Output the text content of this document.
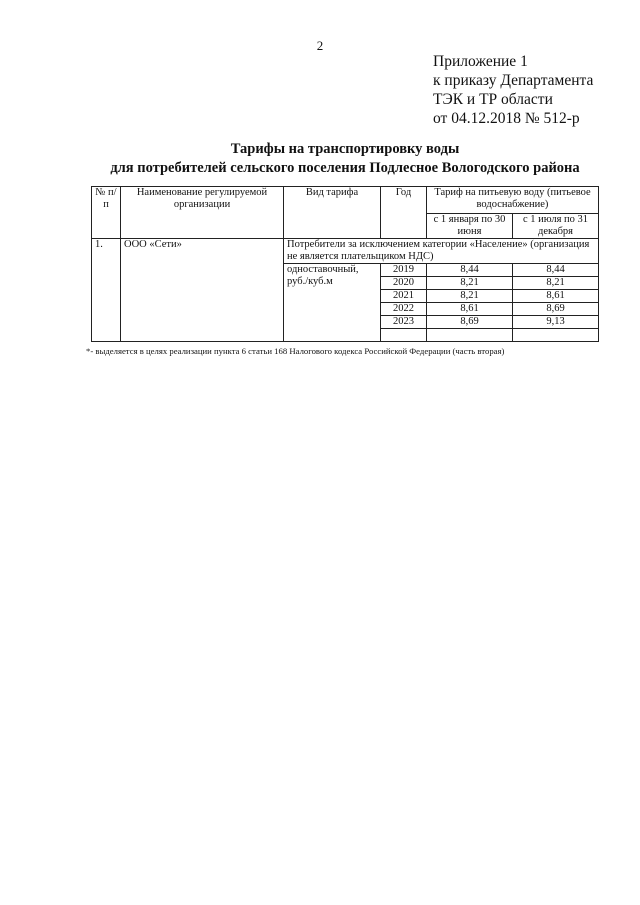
2
Приложение 1
к приказу Департамента
ТЭК и ТР области
от 04.12.2018 № 512-р
Тарифы на транспортировку воды
для потребителей сельского поселения Подлесное Вологодского района
№ п/п	Наименование регулируемой организации	Вид тарифа	Год	Тариф на питьевую воду (питьевое водоснабжение)	
				с 1 января по 30 июня	с 1 июля по 31 декабря
1.	ООО «Сети»	Потребители за исключением категории «Население» (организация не является плательщиком НДС)			
		одноставочный, руб./куб.м	2019	8,44	8,44
			2020	8,21	8,21
			2021	8,21	8,61
			2022	8,61	8,69
			2023	8,69	9,13

*- выделяется в целях реализации пункта 6 статьи 168 Налогового кодекса Российской Федерации (часть вторая)
